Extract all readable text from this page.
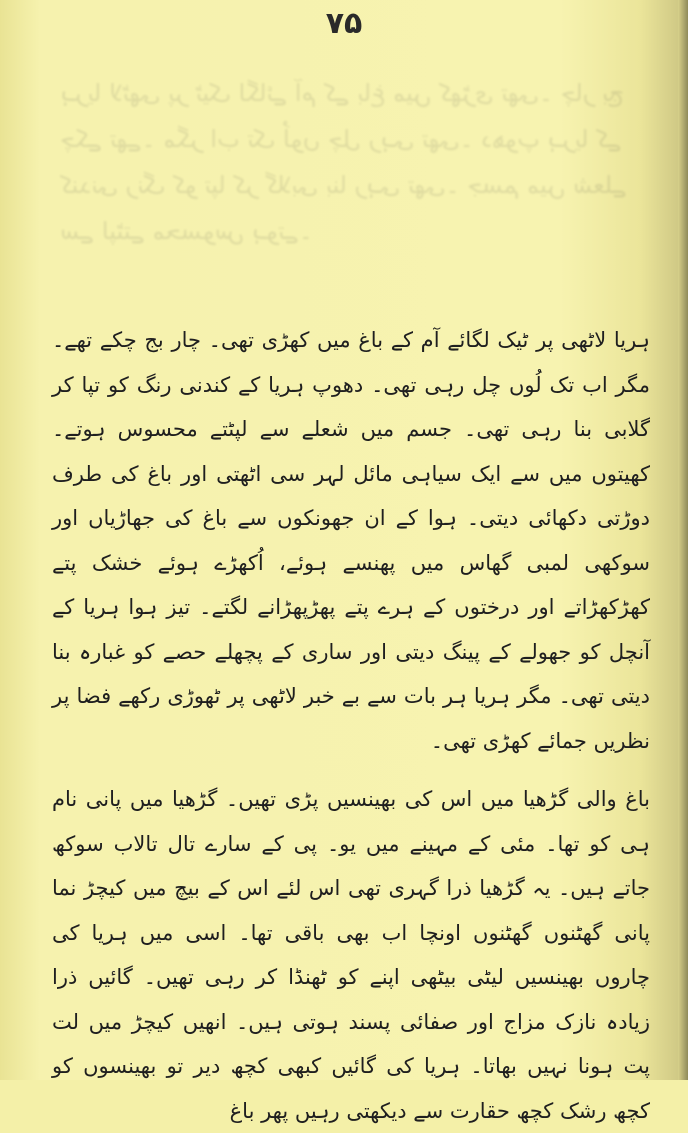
ہریا لاٹھی پر ٹیک لگائے آم کے باغ میں کھڑی تھی۔ چار بج چکے تھے۔ مگر اب تک لُوں چل رہی تھی۔ دھوپ ہریا کے کندنی رنگ کو تپا کر گلابی بنا رہی تھی۔ جسم میں شعلے سے لپٹتے محسوس ہوتے۔
۷۵

ہریا لاٹھی پر ٹیک لگائے آم کے باغ میں کھڑی تھی۔ چار بج چکے تھے۔ مگر اب تک لُوں چل رہی تھی۔ دھوپ ہریا کے کندنی رنگ کو تپا کر گلابی بنا رہی تھی۔ جسم میں شعلے سے لپٹتے محسوس ہوتے۔ کھیتوں میں سے ایک سیاہی مائل لہر سی اٹھتی اور باغ کی طرف دوڑتی دکھائی دیتی۔ ہوا کے ان جھونکوں سے باغ کی جھاڑیاں اور سوکھی لمبی گھاس میں پھنسے ہوئے، اُکھڑے ہوئے خشک پتے کھڑکھڑاتے اور درختوں کے ہرے پتے پھڑپھڑانے لگتے۔ تیز ہوا ہریا کے آنچل کو جھولے کے پینگ دیتی اور ساری کے پچھلے حصے کو غبارہ بنا دیتی تھی۔ مگر ہریا ہر بات سے بے خبر لاٹھی پر ٹھوڑی رکھے فضا پر نظریں جمائے کھڑی تھی۔

باغ والی گڑھیا میں اس کی بھینسیں پڑی تھیں۔ گڑھیا میں پانی نام ہی کو تھا۔ مئی کے مہینے میں یو۔ پی کے سارے تال تالاب سوکھ جاتے ہیں۔ یہ گڑھیا ذرا گہری تھی اس لئے اس کے بیچ میں کیچڑ نما پانی گھٹنوں گھٹنوں اونچا اب بھی باقی تھا۔ اسی میں ہریا کی چاروں بھینسیں لیٹی بیٹھی اپنے کو ٹھنڈا کر رہی تھیں۔ گائیں ذرا زیادہ نازک مزاج اور صفائی پسند ہوتی ہیں۔ انھیں کیچڑ میں لت پت ہونا نہیں بھاتا۔ ہریا کی گائیں کبھی کچھ دیر تو بھینسوں کو کچھ رشک کچھ حقارت سے دیکھتی رہیں پھر باغ
